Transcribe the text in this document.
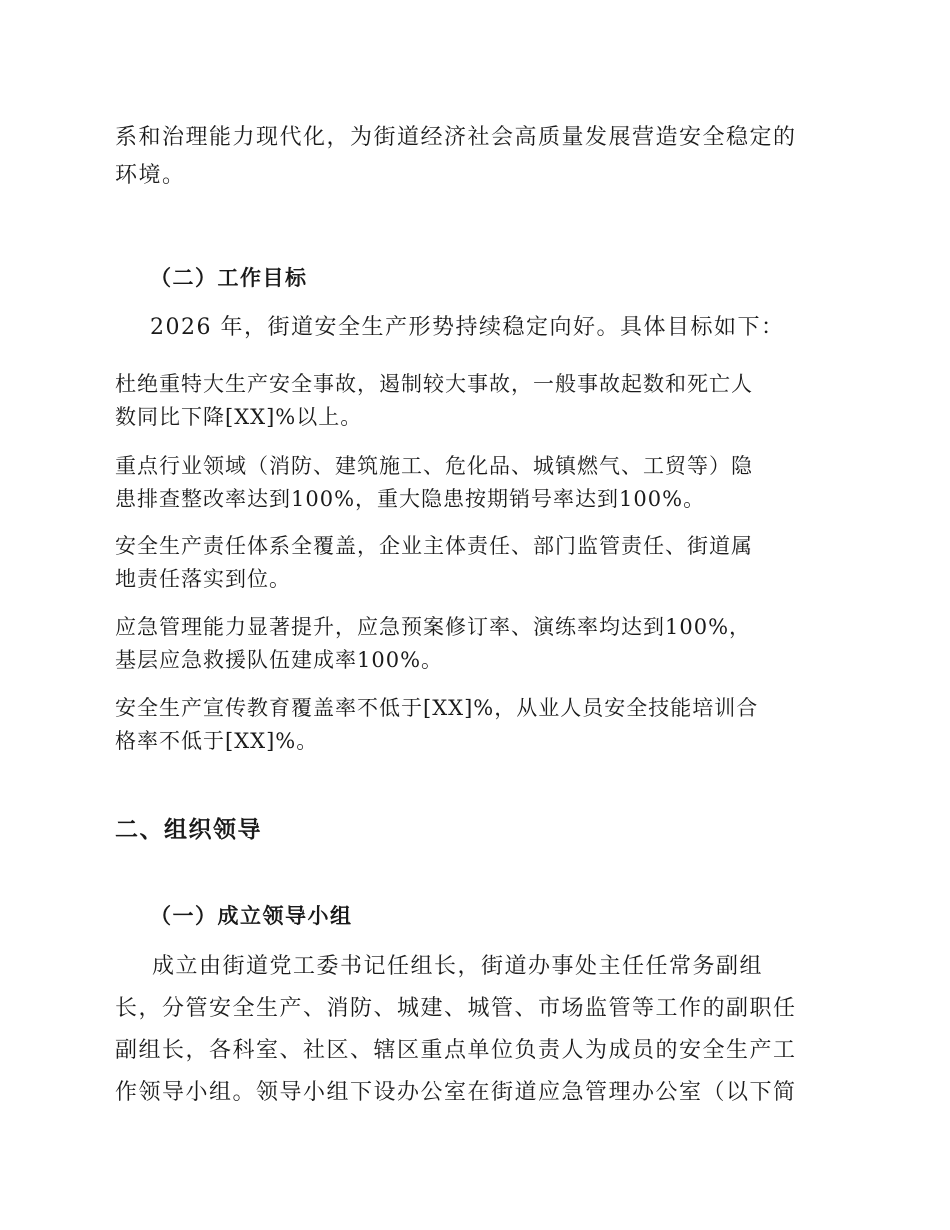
系和治理能力现代化，为街道经济社会高质量发展营造安全稳定的
环境。

（二）工作目标

2026 年，街道安全生产形势持续稳定向好。具体目标如下：

杜绝重特大生产安全事故，遏制较大事故，一般事故起数和死亡人
数同比下降[XX]%以上。

重点行业领域（消防、建筑施工、危化品、城镇燃气、工贸等）隐
患排查整改率达到100%，重大隐患按期销号率达到100%。

安全生产责任体系全覆盖，企业主体责任、部门监管责任、街道属
地责任落实到位。

应急管理能力显著提升，应急预案修订率、演练率均达到100%，
基层应急救援队伍建成率100%。

安全生产宣传教育覆盖率不低于[XX]%，从业人员安全技能培训合
格率不低于[XX]%。

二、组织领导
（一）成立领导小组

成立由街道党工委书记任组长，街道办事处主任任常务副组
长，分管安全生产、消防、城建、城管、市场监管等工作的副职任
副组长，各科室、社区、辖区重点单位负责人为成员的安全生产工
作领导小组。领导小组下设办公室在街道应急管理办公室（以下简
